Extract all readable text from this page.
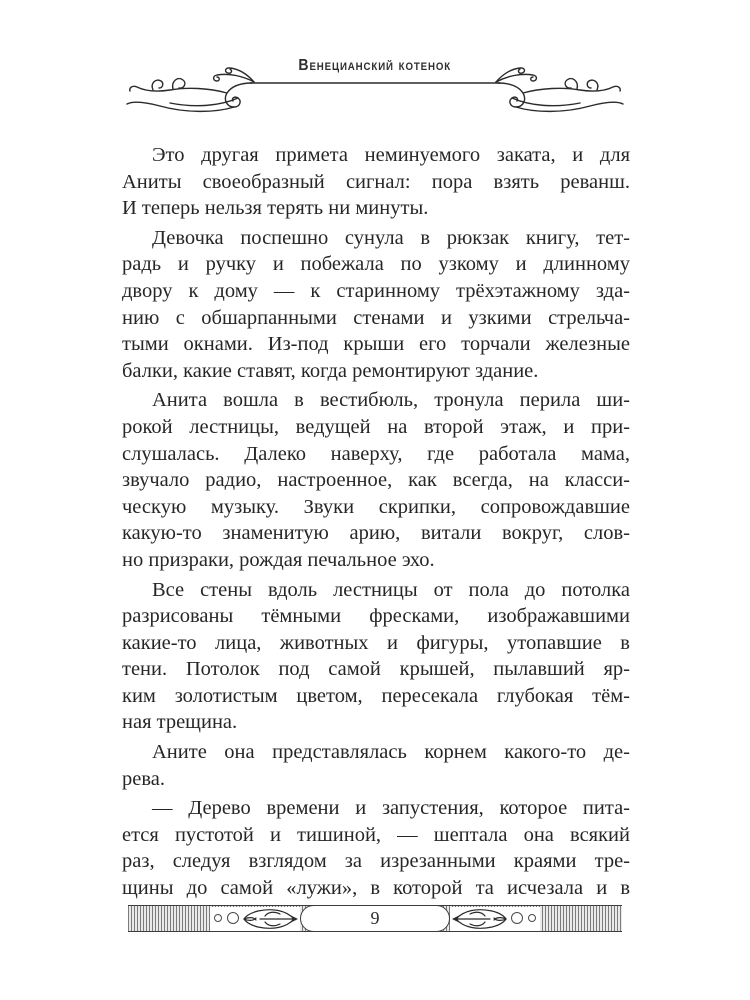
Венецианский котенок
Это другая примета неминуемого заката, и для
Аниты своеобразный сигнал: пора взять реванш.
И теперь нельзя терять ни минуты.
Девочка поспешно сунула в рюкзак книгу, тет-
радь и ручку и побежала по узкому и длинному
двору к дому — к старинному трёхэтажному зда-
нию с обшарпанными стенами и узкими стрельча-
тыми окнами. Из-под крыши его торчали железные
балки, какие ставят, когда ремонтируют здание.
Анита вошла в вестибюль, тронула перила ши-
рокой лестницы, ведущей на второй этаж, и при-
слушалась. Далеко наверху, где работала мама,
звучало радио, настроенное, как всегда, на класси-
ческую музыку. Звуки скрипки, сопровождавшие
какую-то знаменитую арию, витали вокруг, слов-
но призраки, рождая печальное эхо.
Все стены вдоль лестницы от пола до потолка
разрисованы тёмными фресками, изображавшими
какие-то лица, животных и фигуры, утопавшие в
тени. Потолок под самой крышей, пылавший яр-
ким золотистым цветом, пересекала глубокая тём-
ная трещина.
Аните она представлялась корнем какого-то де-
рева.
— Дерево времени и запустения, которое пита-
ется пустотой и тишиной, — шептала она всякий
раз, следуя взглядом за изрезанными краями тре-
щины до самой «лужи», в которой та исчезала и в
9
